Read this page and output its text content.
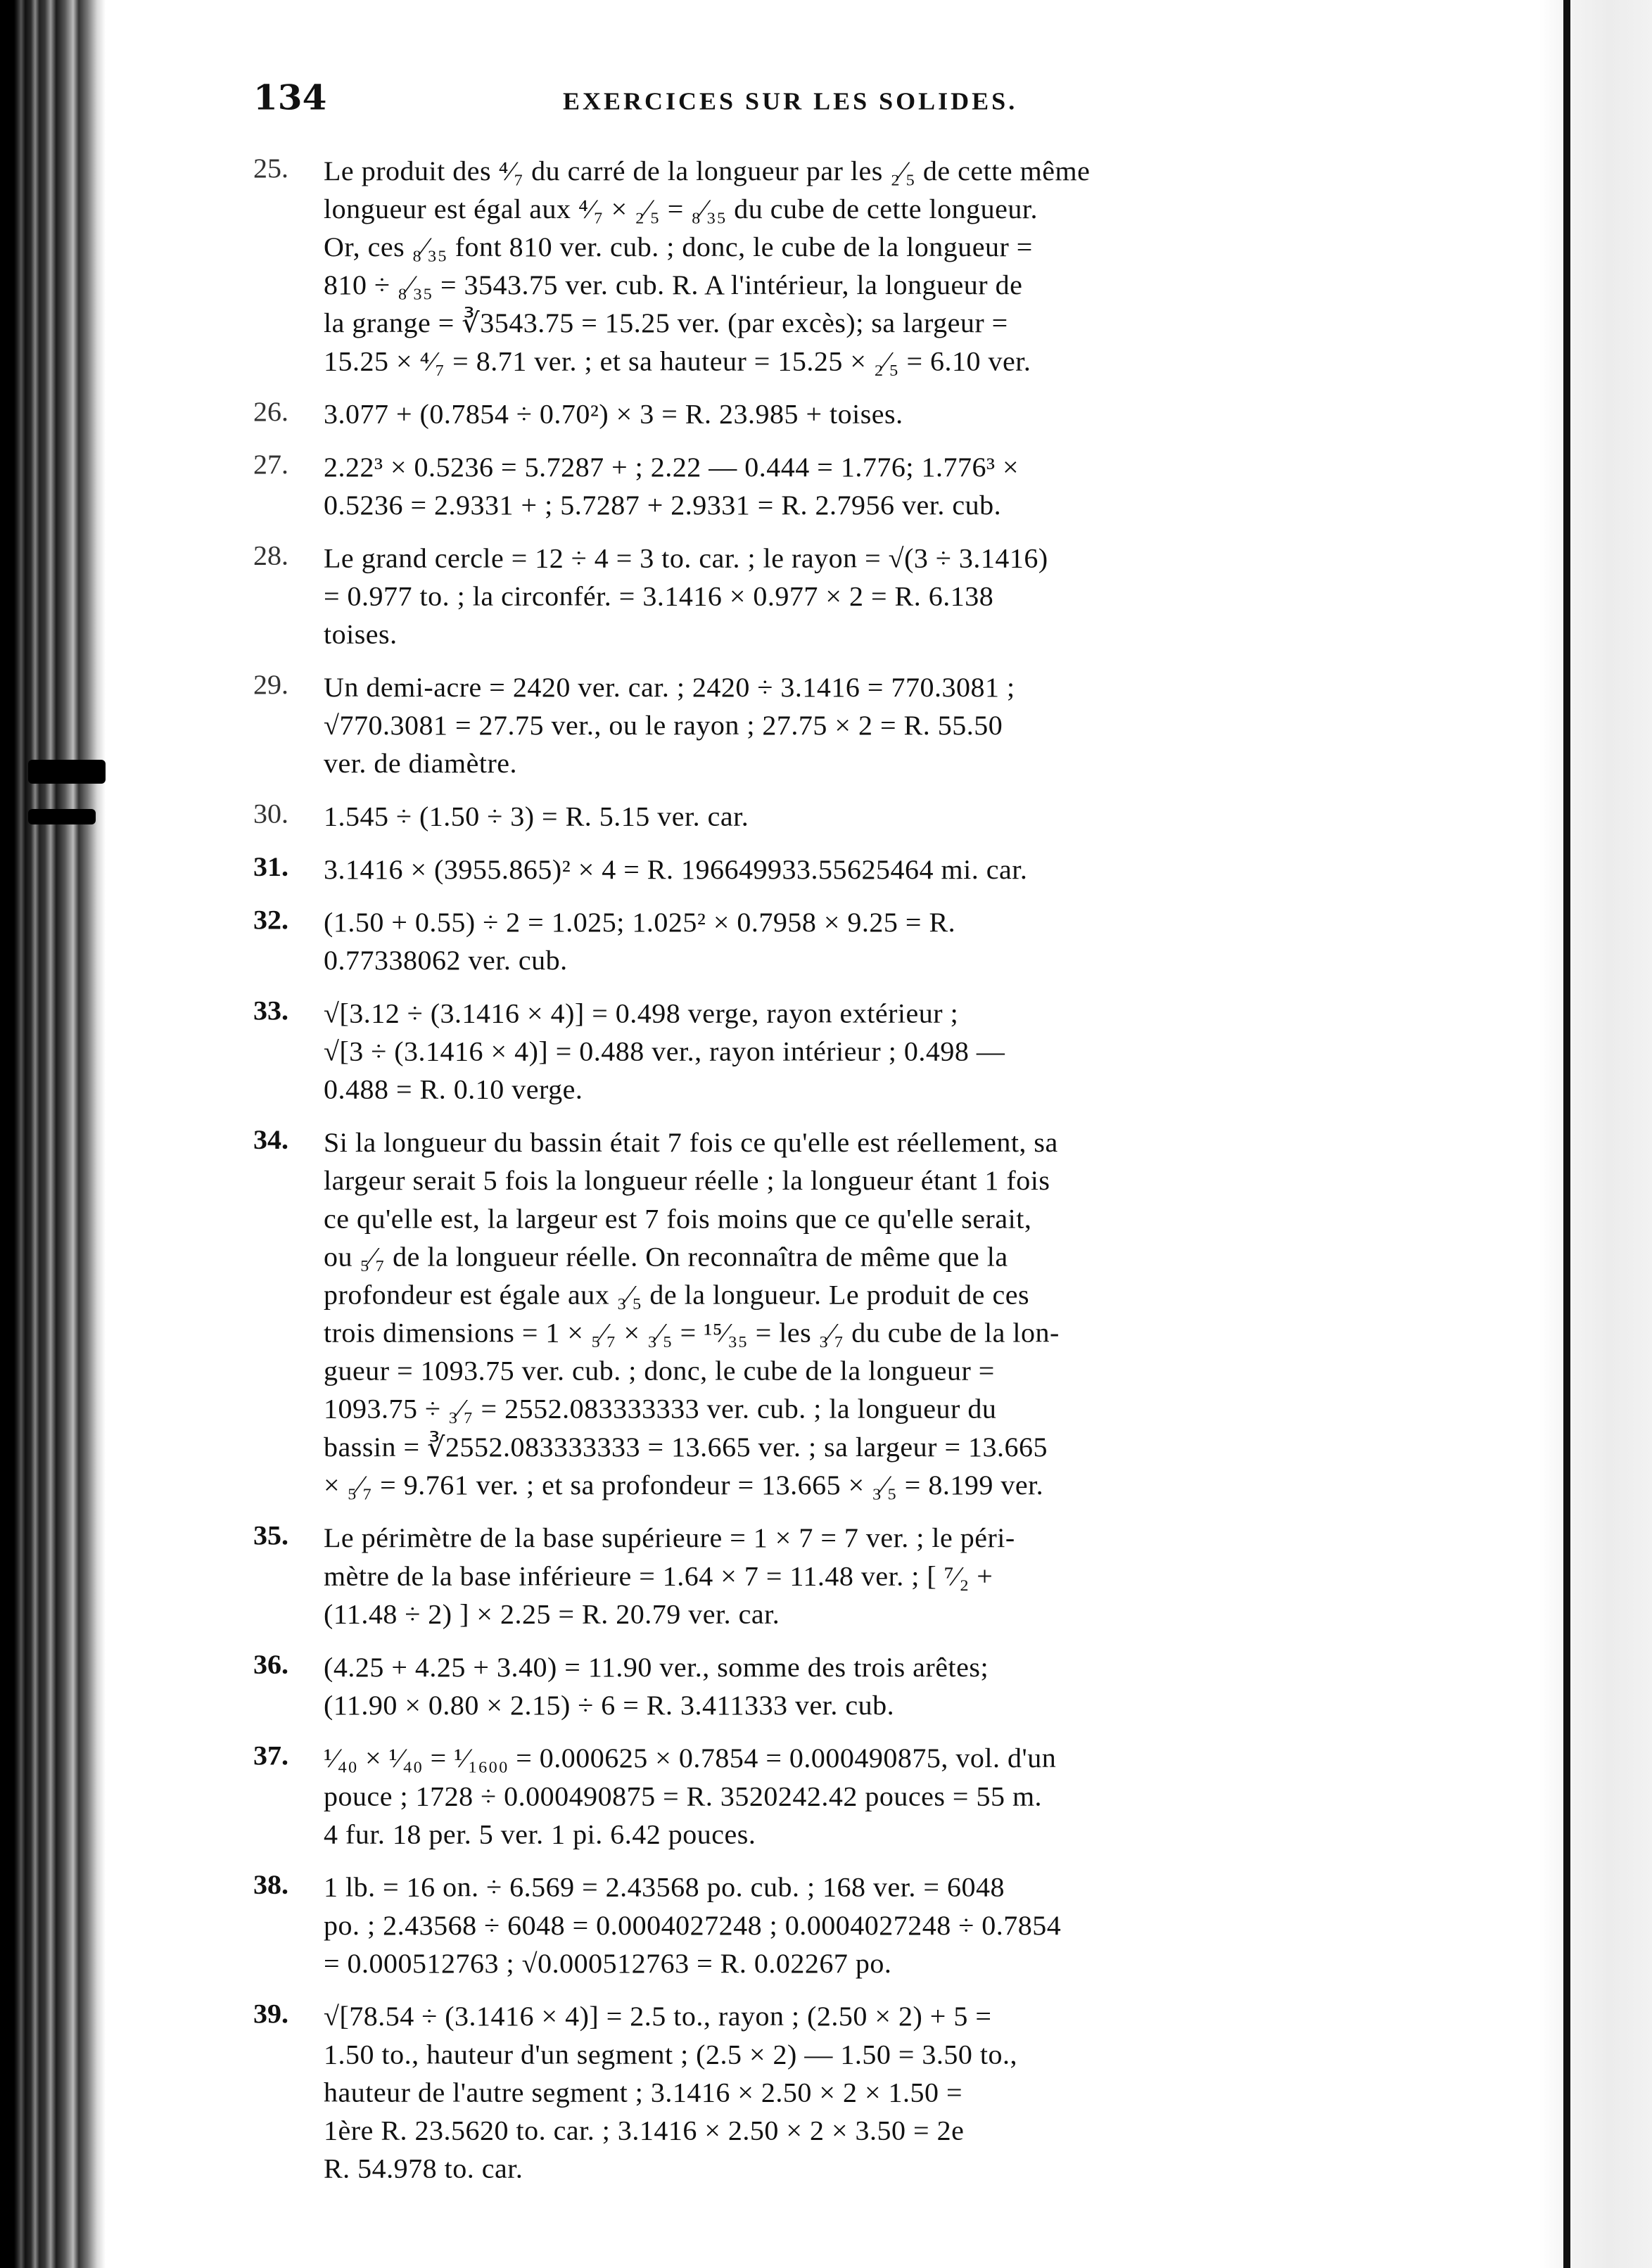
134	EXERCICES SUR LES SOLIDES.
25. Le produit des ⁴⁄₇ du carré de la longueur par les ₂⁄₅ de cette même
longueur est égal aux ⁴⁄₇ × ₂⁄₅ = ₈⁄₃₅ du cube de cette longueur.
Or, ces ₈⁄₃₅ font 810 ver. cub. ; donc, le cube de la longueur =
810 ÷ ₈⁄₃₅ = 3543.75 ver. cub. R. A l'intérieur, la longueur de
la grange = ∛3543.75 = 15.25 ver. (par excès); sa largeur =
15.25 × ⁴⁄₇ = 8.71 ver. ; et sa hauteur = 15.25 × ₂⁄₅ = 6.10 ver.
26. 3.077 + (0.7854 ÷ 0.70²) × 3 = R. 23.985 + toises.
27. 2.22³ × 0.5236 = 5.7287 + ; 2.22 — 0.444 = 1.776; 1.776³ ×
0.5236 = 2.9331 + ; 5.7287 + 2.9331 = R. 2.7956 ver. cub.
28. Le grand cercle = 12 ÷ 4 = 3 to. car. ; le rayon = √(3 ÷ 3.1416)
= 0.977 to. ; la circonfér. = 3.1416 × 0.977 × 2 = R. 6.138
toises.
29. Un demi-acre = 2420 ver. car. ; 2420 ÷ 3.1416 = 770.3081 ;
√770.3081 = 27.75 ver., ou le rayon ; 27.75 × 2 = R. 55.50
ver. de diamètre.
30. 1.545 ÷ (1.50 ÷ 3) = R. 5.15 ver. car.
31. 3.1416 × (3955.865)² × 4 = R. 196649933.55625464 mi. car.
32. (1.50 + 0.55) ÷ 2 = 1.025; 1.025² × 0.7958 × 9.25 = R.
0.77338062 ver. cub.
33. √[3.12 ÷ (3.1416 × 4)] = 0.498 verge, rayon extérieur ;
√[3 ÷ (3.1416 × 4)] = 0.488 ver., rayon intérieur ; 0.498 —
0.488 = R. 0.10 verge.
34. Si la longueur du bassin était 7 fois ce qu'elle est réellement, sa
largeur serait 5 fois la longueur réelle ; la longueur étant 1 fois
ce qu'elle est, la largeur est 7 fois moins que ce qu'elle serait,
ou ₅⁄₇ de la longueur réelle. On reconnaîtra de même que la
profondeur est égale aux ₃⁄₅ de la longueur. Le produit de ces
trois dimensions = 1 × ₅⁄₇ × ₃⁄₅ = ¹⁵⁄₃₅ = les ₃⁄₇ du cube de la lon-
gueur = 1093.75 ver. cub. ; donc, le cube de la longueur =
1093.75 ÷ ₃⁄₇ = 2552.083333333 ver. cub. ; la longueur du
bassin = ∛2552.083333333 = 13.665 ver. ; sa largeur = 13.665
× ₅⁄₇ = 9.761 ver. ; et sa profondeur = 13.665 × ₃⁄₅ = 8.199 ver.
35. Le périmètre de la base supérieure = 1 × 7 = 7 ver. ; le péri-
mètre de la base inférieure = 1.64 × 7 = 11.48 ver. ; [ ⁷⁄₂ +
(11.48 ÷ 2) ] × 2.25 = R. 20.79 ver. car.
36. (4.25 + 4.25 + 3.40) = 11.90 ver., somme des trois arêtes;
(11.90 × 0.80 × 2.15) ÷ 6 = R. 3.411333 ver. cub.
37. ¹⁄₄₀ × ¹⁄₄₀ = ¹⁄₁₆₀₀ = 0.000625 × 0.7854 = 0.000490875, vol. d'un
pouce ; 1728 ÷ 0.000490875 = R. 3520242.42 pouces = 55 m.
4 fur. 18 per. 5 ver. 1 pi. 6.42 pouces.
38. 1 lb. = 16 on. ÷ 6.569 = 2.43568 po. cub. ; 168 ver. = 6048
po. ; 2.43568 ÷ 6048 = 0.0004027248 ; 0.0004027248 ÷ 0.7854
= 0.000512763 ; √0.000512763 = R. 0.02267 po.
39. √[78.54 ÷ (3.1416 × 4)] = 2.5 to., rayon ; (2.50 × 2) + 5 =
1.50 to., hauteur d'un segment ; (2.5 × 2) — 1.50 = 3.50 to.,
hauteur de l'autre segment ; 3.1416 × 2.50 × 2 × 1.50 =
1ère R. 23.5620 to. car. ; 3.1416 × 2.50 × 2 × 3.50 = 2e
R. 54.978 to. car.
